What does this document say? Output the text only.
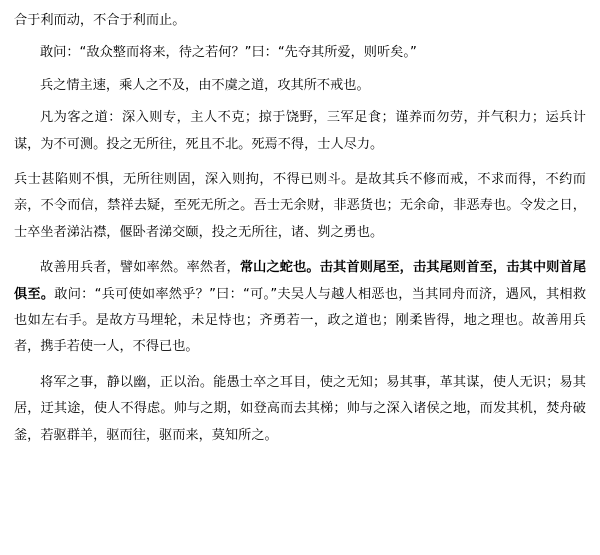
合于利而动，不合于利而止。

敢问：“敌众整而将来，待之若何？”曰：“先夺其所爱，则听矣。”

兵之情主速，乘人之不及，由不虞之道，攻其所不戒也。

凡为客之道：深入则专，主人不克；掠于饶野，三军足食；谨养而勿劳，并气积力；运兵计谋，为不可测。投之无所往，死且不北。死焉不得，士人尽力。

兵士甚陷则不惧，无所往则固，深入则拘，不得已则斗。是故其兵不修而戒，不求而得，不约而亲，不令而信，禁祥去疑，至死无所之。吾士无余财，非恶货也；无余命，非恶寿也。令发之日，士卒坐者涕沾襟，偃卧者涕交颐，投之无所往，诸、刿之勇也。

故善用兵者，譬如率然。率然者，常山之蛇也。击其首则尾至，击其尾则首至，击其中则首尾俱至。敢问：“兵可使如率然乎？”曰：“可。”夫吴人与越人相恶也，当其同舟而济，遇风，其相救也如左右手。是故方马埋轮，未足恃也；齐勇若一，政之道也；刚柔皆得，地之理也。故善用兵者，携手若使一人，不得已也。

将军之事，静以幽，正以治。能愚士卒之耳目，使之无知；易其事，革其谋，使人无识；易其居，迂其途，使人不得虑。帅与之期，如登高而去其梯；帅与之深入诸侯之地，而发其机，焚舟破釜，若驱群羊，驱而往，驱而来，莫知所之。
